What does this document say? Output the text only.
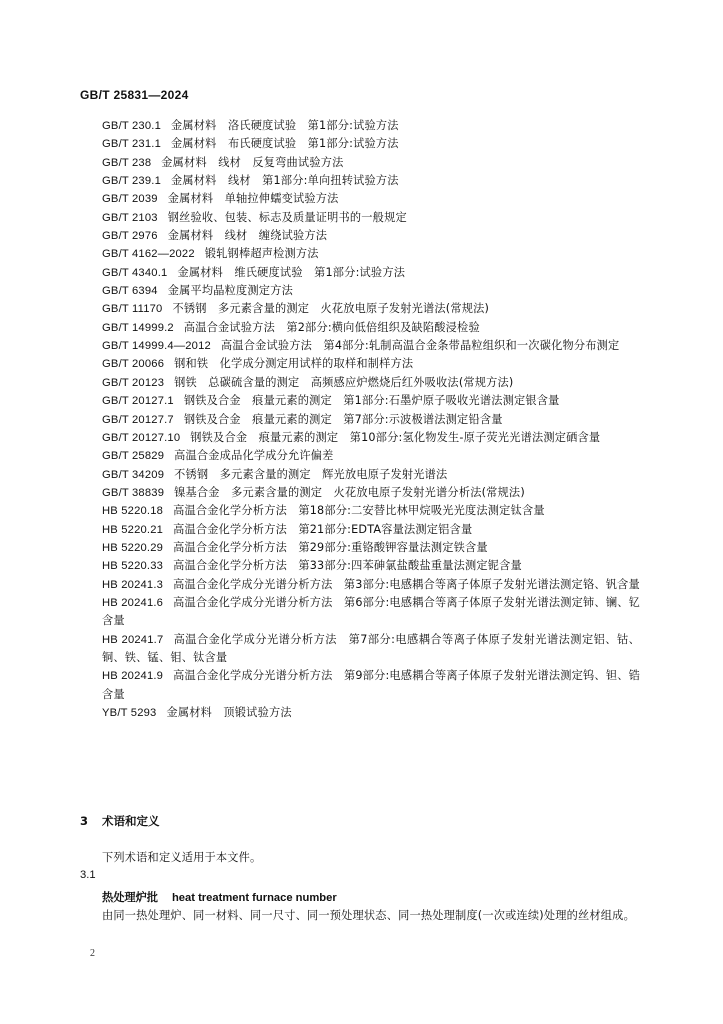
GB/T 25831—2024
GB/T 230.1 金属材料　洛氏硬度试验　第1部分:试验方法
GB/T 231.1 金属材料　布氏硬度试验　第1部分:试验方法
GB/T 238 金属材料　线材　反复弯曲试验方法
GB/T 239.1 金属材料　线材　第1部分:单向扭转试验方法
GB/T 2039 金属材料　单轴拉伸蠕变试验方法
GB/T 2103 钢丝验收、包装、标志及质量证明书的一般规定
GB/T 2976 金属材料　线材　缠绕试验方法
GB/T 4162—2022 锻轧钢棒超声检测方法
GB/T 4340.1 金属材料　维氏硬度试验　第1部分:试验方法
GB/T 6394 金属平均晶粒度测定方法
GB/T 11170 不锈钢　多元素含量的测定　火花放电原子发射光谱法(常规法)
GB/T 14999.2 高温合金试验方法　第2部分:横向低倍组织及缺陷酸浸检验
GB/T 14999.4—2012 高温合金试验方法　第4部分:轧制高温合金条带晶粒组织和一次碳化物分布测定
GB/T 20066 钢和铁　化学成分测定用试样的取样和制样方法
GB/T 20123 钢铁　总碳硫含量的测定　高频感应炉燃烧后红外吸收法(常规方法)
GB/T 20127.1 钢铁及合金　痕量元素的测定　第1部分:石墨炉原子吸收光谱法测定银含量
GB/T 20127.7 钢铁及合金　痕量元素的测定　第7部分:示波极谱法测定铅含量
GB/T 20127.10 钢铁及合金　痕量元素的测定　第10部分:氢化物发生-原子荧光光谱法测定硒含量
GB/T 25829 高温合金成品化学成分允许偏差
GB/T 34209 不锈钢　多元素含量的测定　辉光放电原子发射光谱法
GB/T 38839 镍基合金　多元素含量的测定　火花放电原子发射光谱分析法(常规法)
HB 5220.18 高温合金化学分析方法　第18部分:二安替比林甲烷吸光光度法测定钛含量
HB 5220.21 高温合金化学分析方法　第21部分:EDTA容量法测定铝含量
HB 5220.29 高温合金化学分析方法　第29部分:重铬酸钾容量法测定铁含量
HB 5220.33 高温合金化学分析方法　第33部分:四苯砷氯盐酸盐重量法测定铌含量
HB 20241.3 高温合金化学成分光谱分析方法　第3部分:电感耦合等离子体原子发射光谱法测定铬、钒含量
HB 20241.6 高温合金化学成分光谱分析方法　第6部分:电感耦合等离子体原子发射光谱法测定铈、镧、钇含量
HB 20241.7 高温合金化学成分光谱分析方法　第7部分:电感耦合等离子体原子发射光谱法测定铝、钴、铜、铁、锰、钼、钛含量
HB 20241.9 高温合金化学成分光谱分析方法　第9部分:电感耦合等离子体原子发射光谱法测定钨、钽、锆含量
YB/T 5293 金属材料　顶锻试验方法
3 术语和定义
下列术语和定义适用于本文件。
3.1
热处理炉批 heat treatment furnace number
由同一热处理炉、同一材料、同一尺寸、同一预处理状态、同一热处理制度(一次或连续)处理的丝材组成。
2
